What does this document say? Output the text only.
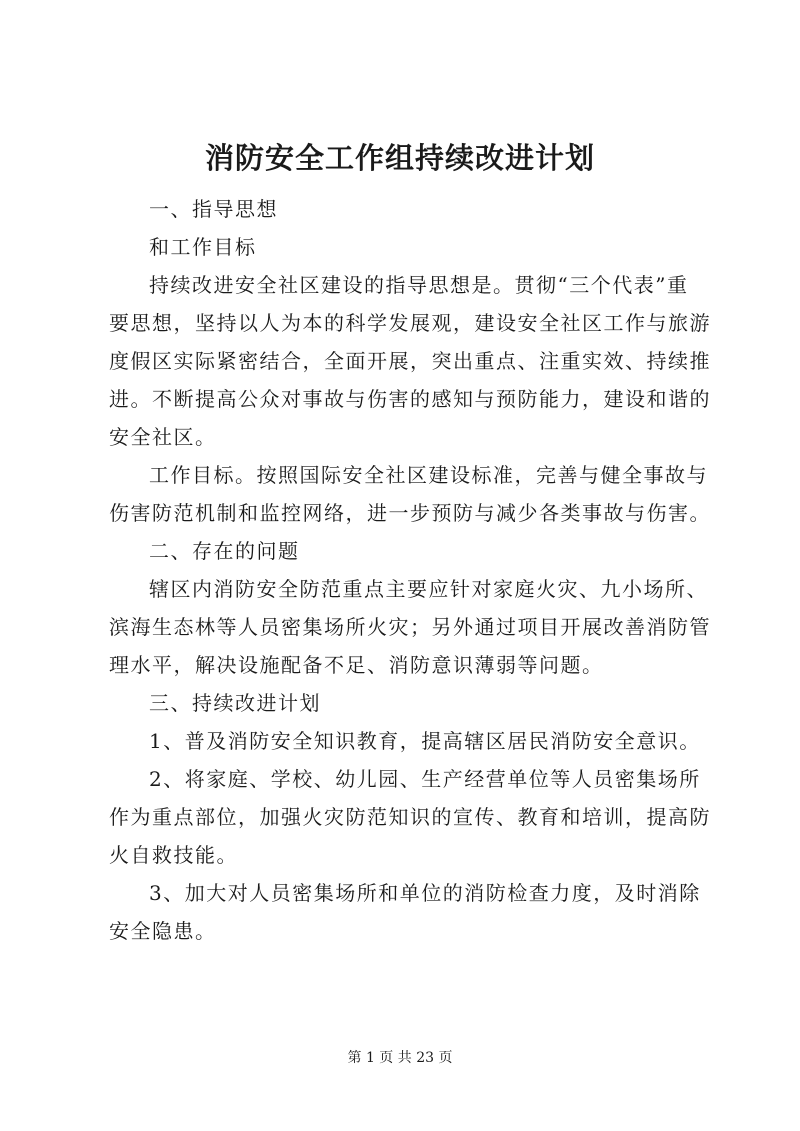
消防安全工作组持续改进计划
一、指导思想
和工作目标
持续改进安全社区建设的指导思想是。贯彻“三个代表”重
要思想，坚持以人为本的科学发展观，建设安全社区工作与旅游
度假区实际紧密结合，全面开展，突出重点、注重实效、持续推
进。不断提高公众对事故与伤害的感知与预防能力，建设和谐的
安全社区。
工作目标。按照国际安全社区建设标准，完善与健全事故与
伤害防范机制和监控网络，进一步预防与减少各类事故与伤害。
二、存在的问题
辖区内消防安全防范重点主要应针对家庭火灾、九小场所、
滨海生态林等人员密集场所火灾；另外通过项目开展改善消防管
理水平，解决设施配备不足、消防意识薄弱等问题。
三、持续改进计划
1、普及消防安全知识教育，提高辖区居民消防安全意识。
2、将家庭、学校、幼儿园、生产经营单位等人员密集场所
作为重点部位，加强火灾防范知识的宣传、教育和培训，提高防
火自救技能。
3、加大对人员密集场所和单位的消防检查力度，及时消除
安全隐患。
第 1 页 共 23 页
